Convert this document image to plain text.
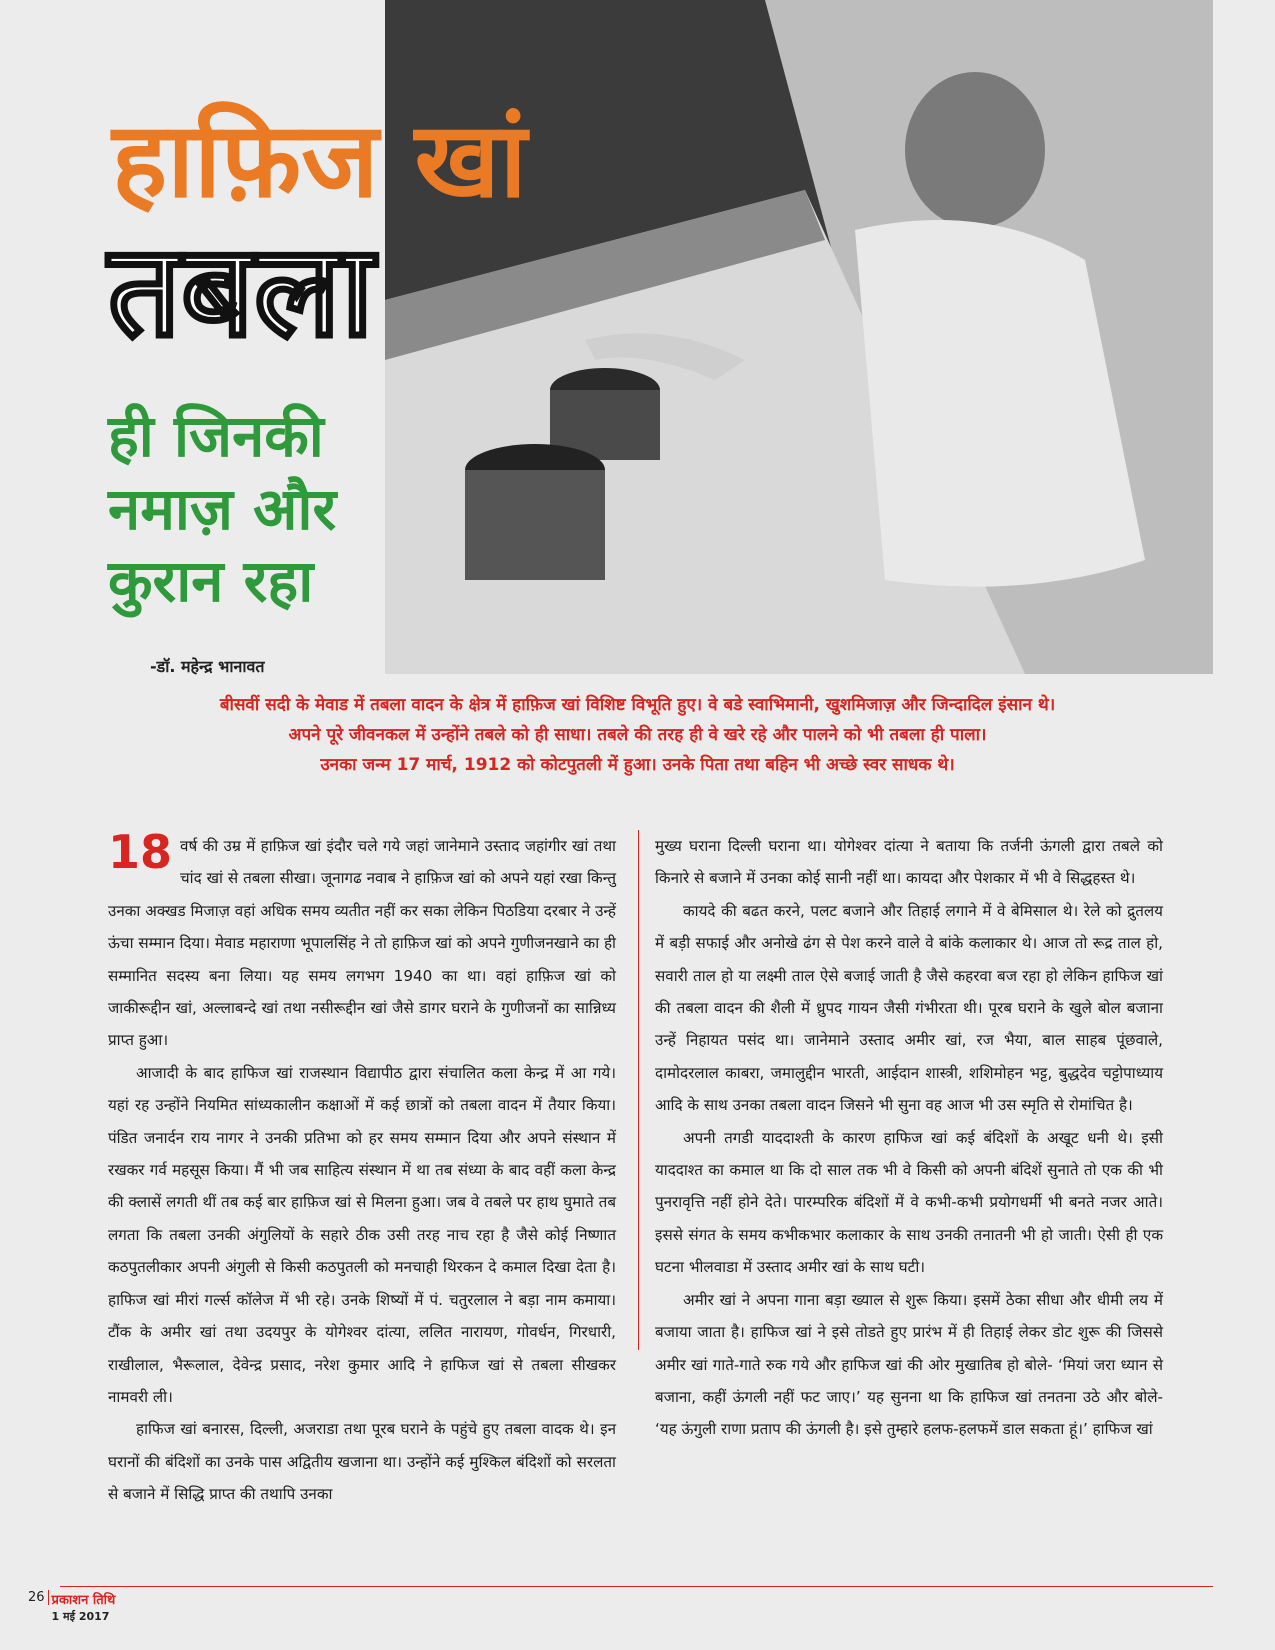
हाफ़िज खां
तबला
ही जिनकी
नमाज़ और
कुरान रहा
-डॉ. महेन्द्र भानावत
बीसवीं सदी के मेवाड में तबला वादन के क्षेत्र में हाफ़िज खां विशिष्ट विभूति हुए। वे बडे स्वाभिमानी, खुशमिजाज़ और जिन्दादिल इंसान थे।
अपने पूरे जीवनकल में उन्होंने तबले को ही साधा। तबले की तरह ही वे खरे रहे और पालने को भी तबला ही पाला।
उनका जन्म 17 मार्च, 1912 को कोटपुतली में हुआ। उनके पिता तथा बहिन भी अच्छे स्वर साधक थे।

18 वर्ष की उम्र में हाफ़िज खां इंदौर चले गये जहां जानेमाने उस्ताद जहांगीर खां तथा चांद खां से तबला सीखा। जूनागढ नवाब ने हाफ़िज खां को अपने यहां रखा किन्तु उनका अक्खड मिजाज़ वहां अधिक समय व्यतीत नहीं कर सका लेकिन पिठडिया दरबार ने उन्हें ऊंचा सम्मान दिया। मेवाड महाराणा भूपालसिंह ने तो हाफ़िज खां को अपने गुणीजनखाने का ही सम्मानित सदस्य बना लिया। यह समय लगभग 1940 का था। वहां हाफ़िज खां को जाकीरूद्दीन खां, अल्लाबन्दे खां तथा नसीरूद्दीन खां जैसे डागर घराने के गुणीजनों का सान्निध्य प्राप्त हुआ।

आजादी के बाद हाफिज खां राजस्थान विद्यापीठ द्वारा संचालित कला केन्द्र में आ गये। यहां रह उन्होंने नियमित सांध्यकालीन कक्षाओं में कई छात्रों को तबला वादन में तैयार किया। पंडित जनार्दन राय नागर ने उनकी प्रतिभा को हर समय सम्मान दिया और अपने संस्थान में रखकर गर्व महसूस किया। मैं भी जब साहित्य संस्थान में था तब संध्या के बाद वहीं कला केन्द्र की क्लासें लगती थीं तब कई बार हाफ़िज खां से मिलना हुआ। जब वे तबले पर हाथ घुमाते तब लगता कि तबला उनकी अंगुलियों के सहारे ठीक उसी तरह नाच रहा है जैसे कोई निष्णात कठपुतलीकार अपनी अंगुली से किसी कठपुतली को मनचाही थिरकन दे कमाल दिखा देता है। हाफिज खां मीरां गर्ल्स कॉलेज में भी रहे। उनके शिष्यों में पं. चतुरलाल ने बड़ा नाम कमाया। टौंक के अमीर खां तथा उदयपुर के योगेश्वर दांत्या, ललित नारायण, गोवर्धन, गिरधारी, राखीलाल, भैरूलाल, देवेन्द्र प्रसाद, नरेश कुमार आदि ने हाफिज खां से तबला सीखकर नामवरी ली।

हाफिज खां बनारस, दिल्ली, अजराडा तथा पूरब घराने के पहुंचे हुए तबला वादक थे। इन घरानों की बंदिशों का उनके पास अद्वितीय खजाना था। उन्होंने कई मुश्किल बंदिशों को सरलता से बजाने में सिद्धि प्राप्त की तथापि उनका

मुख्य घराना दिल्ली घराना था। योगेश्वर दांत्या ने बताया कि तर्जनी ऊंगली द्वारा तबले को किनारे से बजाने में उनका कोई सानी नहीं था। कायदा और पेशकार में भी वे सिद्धहस्त थे।

कायदे की बढत करने, पलट बजाने और तिहाई लगाने में वे बेमिसाल थे। रेले को द्रुतलय में बड़ी सफाई और अनोखे ढंग से पेश करने वाले वे बांके कलाकार थे। आज तो रूद्र ताल हो, सवारी ताल हो या लक्ष्मी ताल ऐसे बजाई जाती है जैसे कहरवा बज रहा हो लेकिन हाफिज खां की तबला वादन की शैली में ध्रुपद गायन जैसी गंभीरता थी। पूरब घराने के खुले बोल बजाना उन्हें निहायत पसंद था। जानेमाने उस्ताद अमीर खां, रज भैया, बाल साहब पूंछवाले, दामोदरलाल काबरा, जमालुद्दीन भारती, आईदान शास्त्री, शशिमोहन भट्ट, बुद्धदेव चट्टोपाध्याय आदि के साथ उनका तबला वादन जिसने भी सुना वह आज भी उस स्मृति से रोमांचित है।

अपनी तगडी याददाश्ती के कारण हाफिज खां कई बंदिशों के अखूट धनी थे। इसी याददाश्त का कमाल था कि दो साल तक भी वे किसी को अपनी बंदिशें सुनाते तो एक की भी पुनरावृत्ति नहीं होने देते। पारम्परिक बंदिशों में वे कभी-कभी प्रयोगधर्मी भी बनते नजर आते। इससे संगत के समय कभीकभार कलाकार के साथ उनकी तनातनी भी हो जाती। ऐसी ही एक घटना भीलवाडा में उस्ताद अमीर खां के साथ घटी।

अमीर खां ने अपना गाना बड़ा ख्याल से शुरू किया। इसमें ठेका सीधा और धीमी लय में बजाया जाता है। हाफिज खां ने इसे तोडते हुए प्रारंभ में ही तिहाई लेकर डोट शुरू की जिससे अमीर खां गाते-गाते रुक गये और हाफिज खां की ओर मुखातिब हो बोले- ‘मियां जरा ध्यान से बजाना, कहीं ऊंगली नहीं फट जाए।’ यह सुनना था कि हाफिज खां तनतना उठे और बोले- ‘यह ऊंगुली राणा प्रताप की ऊंगली है। इसे तुम्हारे हलफ-हलफमें डाल सकता हूं।’ हाफिज खां

26 प्रकाशन तिथि
1 मई 2017
